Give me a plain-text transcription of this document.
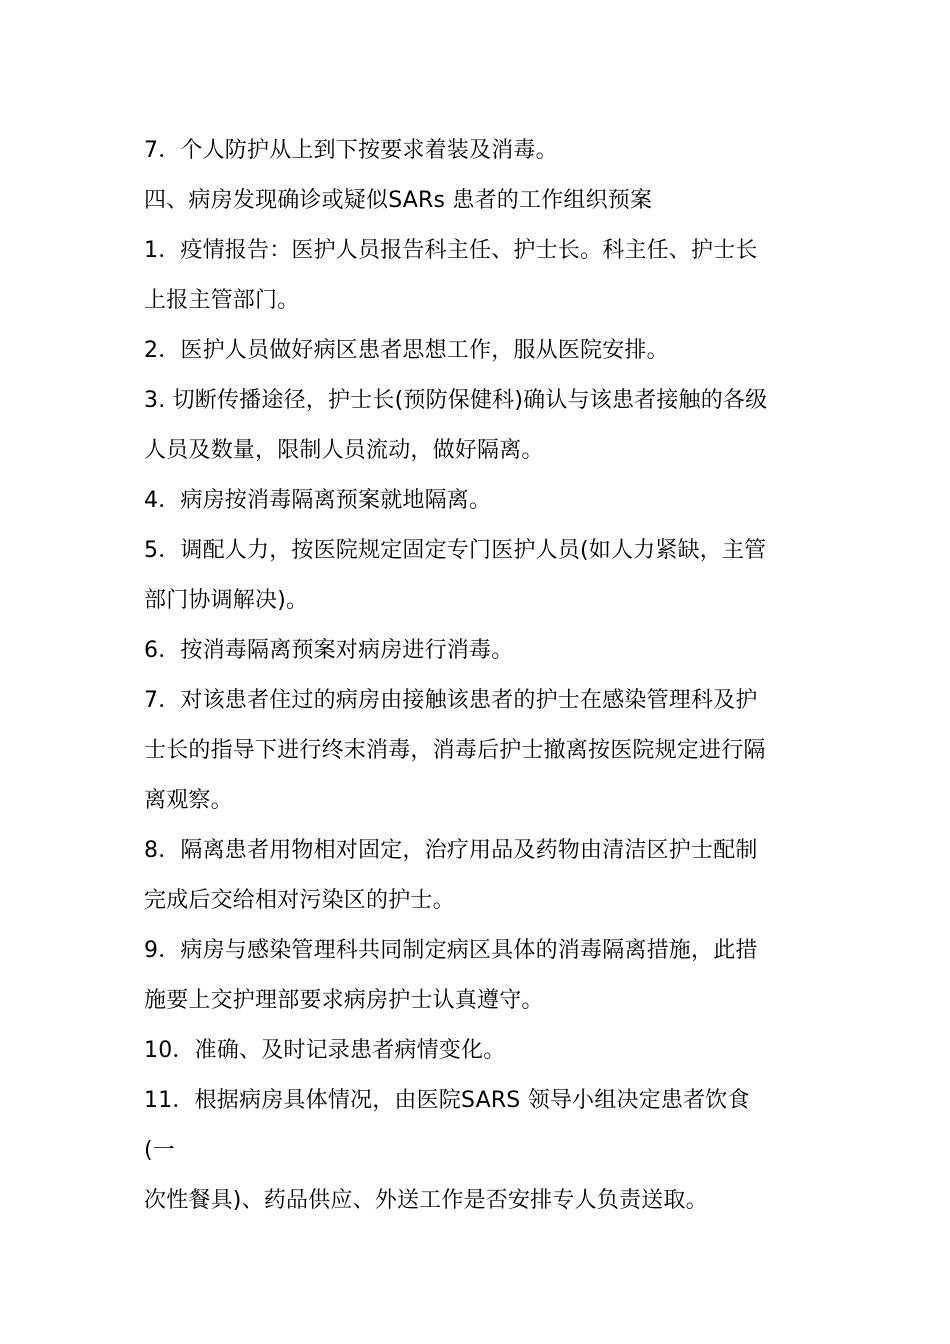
7．个人防护从上到下按要求着装及消毒。
四、病房发现确诊或疑似SARs 患者的工作组织预案
1．疫情报告：医护人员报告科主任、护士长。科主任、护士长
上报主管部门。
2．医护人员做好病区患者思想工作，服从医院安排。
3. 切断传播途径，护士长(预防保健科)确认与该患者接触的各级
人员及数量，限制人员流动，做好隔离。
4．病房按消毒隔离预案就地隔离。
5．调配人力，按医院规定固定专门医护人员(如人力紧缺，主管
部门协调解决)。
6．按消毒隔离预案对病房进行消毒。
7．对该患者住过的病房由接触该患者的护士在感染管理科及护
士长的指导下进行终末消毒，消毒后护士撤离按医院规定进行隔
离观察。
8．隔离患者用物相对固定，治疗用品及药物由清洁区护士配制
完成后交给相对污染区的护士。
9．病房与感染管理科共同制定病区具体的消毒隔离措施，此措
施要上交护理部要求病房护士认真遵守。
10．准确、及时记录患者病情变化。
11．根据病房具体情况，由医院SARS 领导小组决定患者饮食
(一
次性餐具)、药品供应、外送工作是否安排专人负责送取。
